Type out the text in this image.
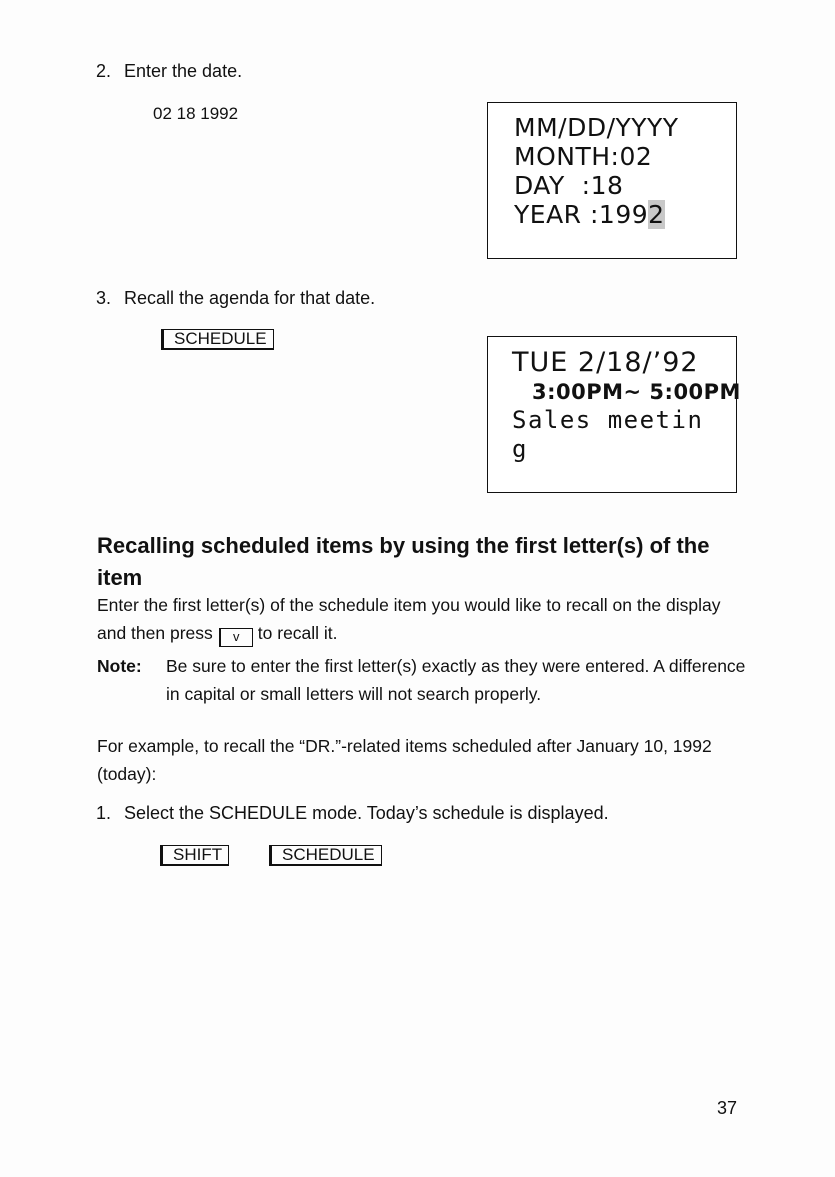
2. Enter the date.
02 18 1992	MM/DD/YYYY
MONTH:02
DAY  :18
YEAR :1992
3. Recall the agenda for that date.
SCHEDULE
TUE 2/18/’92
3:00PM~ 5:00PM
Sales meetin
g
Recalling scheduled items by using the first letter(s) of the item
Enter the first letter(s) of the schedule item you would like to recall on the display and then press v to recall it.
Note: Be sure to enter the first letter(s) exactly as they were entered. A difference in capital or small letters will not search properly.
For example, to recall the “DR.”-related items scheduled after January 10, 1992 (today):
1. Select the SCHEDULE mode. Today’s schedule is displayed.
SHIFT	SCHEDULE
37
